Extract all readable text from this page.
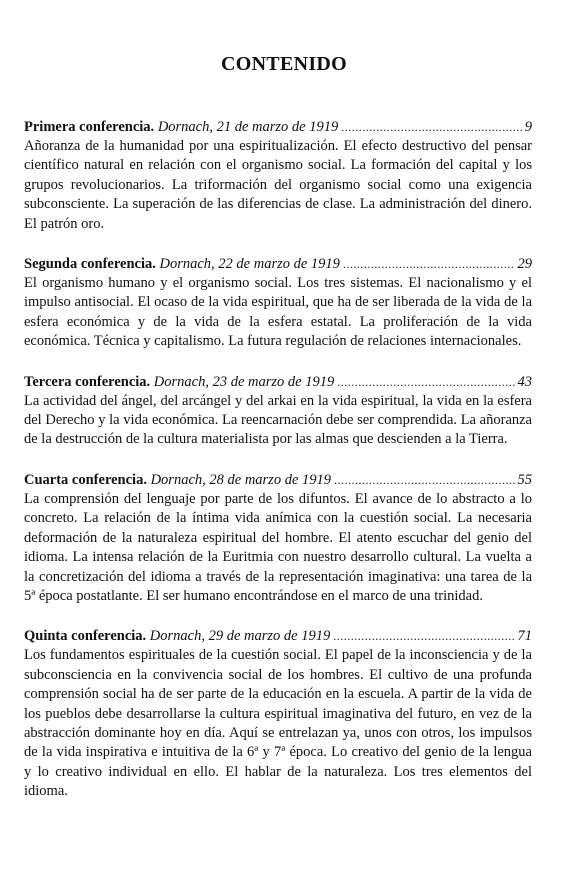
CONTENIDO
Primera conferencia.
Dornach, 21 de marzo de 1919 .....	9

Añoranza de la humanidad por una espiritualización. El efecto destructivo del pensar científico natural en relación con el organismo social. La formación del capital y los grupos revolucionarios. La triformación del organismo social como una exigencia subconsciente. La superación de las diferencias de clase. La administración del dinero. El patrón oro.

Segunda conferencia.
Dornach, 22 de marzo de 1919 .....	29

El organismo humano y el organismo social. Los tres sistemas. El nacionalismo y el impulso antisocial. El ocaso de la vida espiritual, que ha de ser liberada de la vida de la esfera económica y de la vida de la esfera estatal. La proliferación de la vida económica. Técnica y capitalismo. La futura regulación de relaciones internacionales.

Tercera conferencia.
Dornach, 23 de marzo de 1919 .....	43

La actividad del ángel, del arcángel y del arkai en la vida espiritual, la vida en la esfera del Derecho y la vida económica. La reencarnación debe ser comprendida. La añoranza de la destrucción de la cultura materialista por las almas que descienden a la Tierra.

Cuarta conferencia.
Dornach, 28 de marzo de 1919 .....	55

La comprensión del lenguaje por parte de los difuntos. El avance de lo abstracto a lo concreto. La relación de la íntima vida anímica con la cuestión social. La necesaria deformación de la naturaleza espiritual del hombre. El atento escuchar del genio del idioma. La intensa relación de la Euritmia con nuestro desarrollo cultural. La vuelta a la concretización del idioma a través de la representación imaginativa: una tarea de la 5ª época postatlante. El ser humano encontrándose en el marco de una trinidad.

Quinta conferencia.
Dornach, 29 de marzo de 1919 .....	71

Los fundamentos espirituales de la cuestión social. El papel de la inconsciencia y de la subconsciencia en la convivencia social de los hombres. El cultivo de una profunda comprensión social ha de ser parte de la educación en la escuela. A partir de la vida de los pueblos debe desarrollarse la cultura espiritual imaginativa del futuro, en vez de la abstracción dominante hoy en día. Aquí se entrelazan ya, unos con otros, los impulsos de la vida inspirativa e intuitiva de la 6ª y 7ª época. Lo creativo del genio de la lengua y lo creativo individual en ello. El hablar de la naturaleza. Los tres elementos del idioma.
